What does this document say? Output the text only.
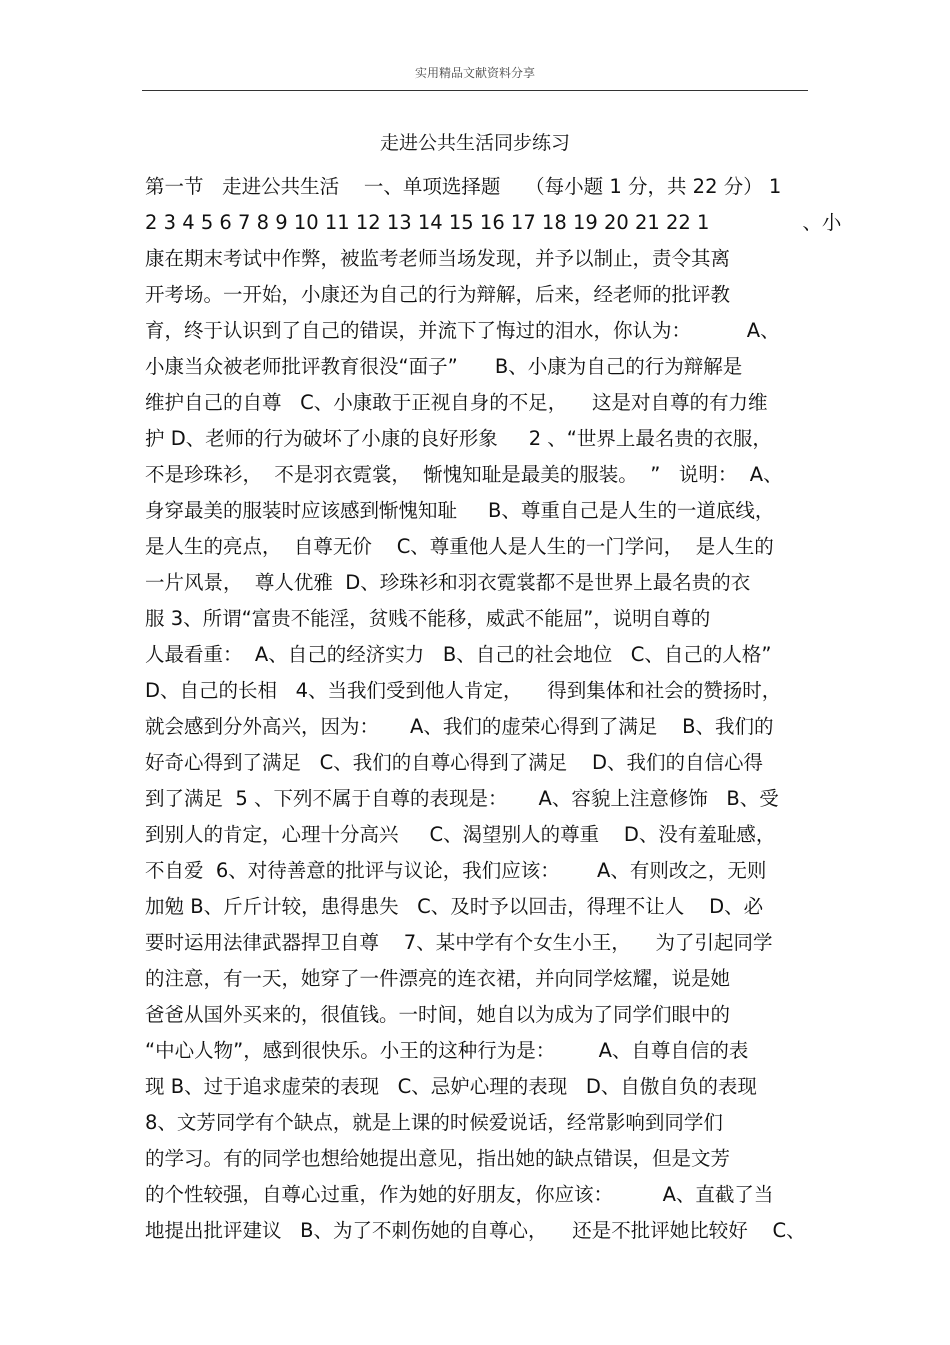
实用精品文献资料分享
走进公共生活同步练习
第一节   走进公共生活    一、单项选择题    （每小题 1 分，共 22 分） 1
2 3 4 5 6 7 8 9 10 11 12 13 14 15 16 17 18 19 20 21 22 1               、小
康在期末考试中作弊，被监考老师当场发现，并予以制止，责令其离
开考场。一开始，小康还为自己的行为辩解，后来，经老师的批评教
育，终于认识到了自己的错误，并流下了悔过的泪水，你认为：         A、
小康当众被老师批评教育很没“面子”      B、小康为自己的行为辩解是
维护自己的自尊   C、小康敢于正视自身的不足，    这是对自尊的有力维
护 D、老师的行为破坏了小康的良好形象     2 、“世界上最名贵的衣服，
不是珍珠衫，  不是羽衣霓裳，  惭愧知耻是最美的服装。  ”   说明：  A、
身穿最美的服装时应该感到惭愧知耻     B、尊重自己是人生的一道底线，
是人生的亮点，  自尊无价    C、尊重他人是人生的一门学问，  是人生的
一片风景，  尊人优雅  D、珍珠衫和羽衣霓裳都不是世界上最名贵的衣
服 3、所谓“富贵不能淫，贫贱不能移，威武不能屈”，说明自尊的
人最看重：  A、自己的经济实力   B、自己的社会地位   C、自己的人格”
D、自己的长相   4、当我们受到他人肯定，    得到集体和社会的赞扬时，
就会感到分外高兴，因为：     A、我们的虚荣心得到了满足    B、我们的
好奇心得到了满足   C、我们的自尊心得到了满足    D、我们的自信心得
到了满足  5 、下列不属于自尊的表现是：     A、容貌上注意修饰   B、受
到别人的肯定，心理十分高兴     C、渴望别人的尊重    D、没有羞耻感，
不自爱  6、对待善意的批评与议论，我们应该：      A、有则改之，无则
加勉 B、斤斤计较，患得患失   C、及时予以回击，得理不让人    D、必
要时运用法律武器捍卫自尊    7、某中学有个女生小王，    为了引起同学
的注意，有一天，她穿了一件漂亮的连衣裙，并向同学炫耀，说是她
爸爸从国外买来的，很值钱。一时间，她自以为成为了同学们眼中的
“中心人物”，感到很快乐。小王的这种行为是：       A、自尊自信的表
现 B、过于追求虚荣的表现   C、忌妒心理的表现   D、自傲自负的表现
8、文芳同学有个缺点，就是上课的时候爱说话，经常影响到同学们
的学习。有的同学也想给她提出意见，指出她的缺点错误，但是文芳
的个性较强，自尊心过重，作为她的好朋友，你应该：        A、直截了当
地提出批评建议   B、为了不刺伤她的自尊心，    还是不批评她比较好    C、
